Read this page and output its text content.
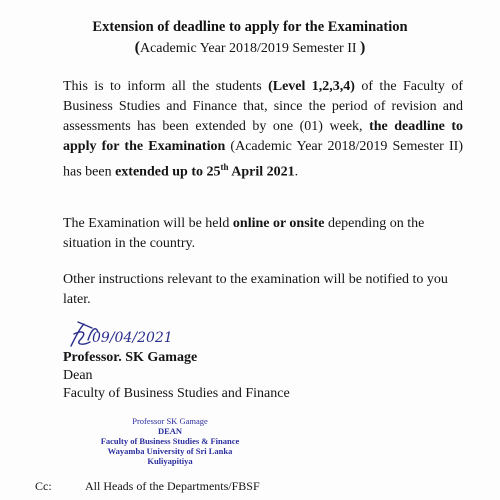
Extension of deadline to apply for the Examination
(Academic Year 2018/2019 Semester II )

This is to inform all the students (Level 1,2,3,4) of the Faculty of Business Studies and Finance that, since the period of revision and assessments has been extended by one (01) week, the deadline to apply for the Examination (Academic Year 2018/2019 Semester II) has been extended up to 25th April 2021.

The Examination will be held online or onsite depending on the situation in the country.

Other instructions relevant to the examination will be notified to you later.

09/04/2021
Professor. SK Gamage
Dean
Faculty of Business Studies and Finance
Professor SK Gamage
DEAN
Faculty of Business Studies & Finance
Wayamba University of Sri Lanka
Kuliyapitiya
Cc:	All Heads of the Departments/FBSF
